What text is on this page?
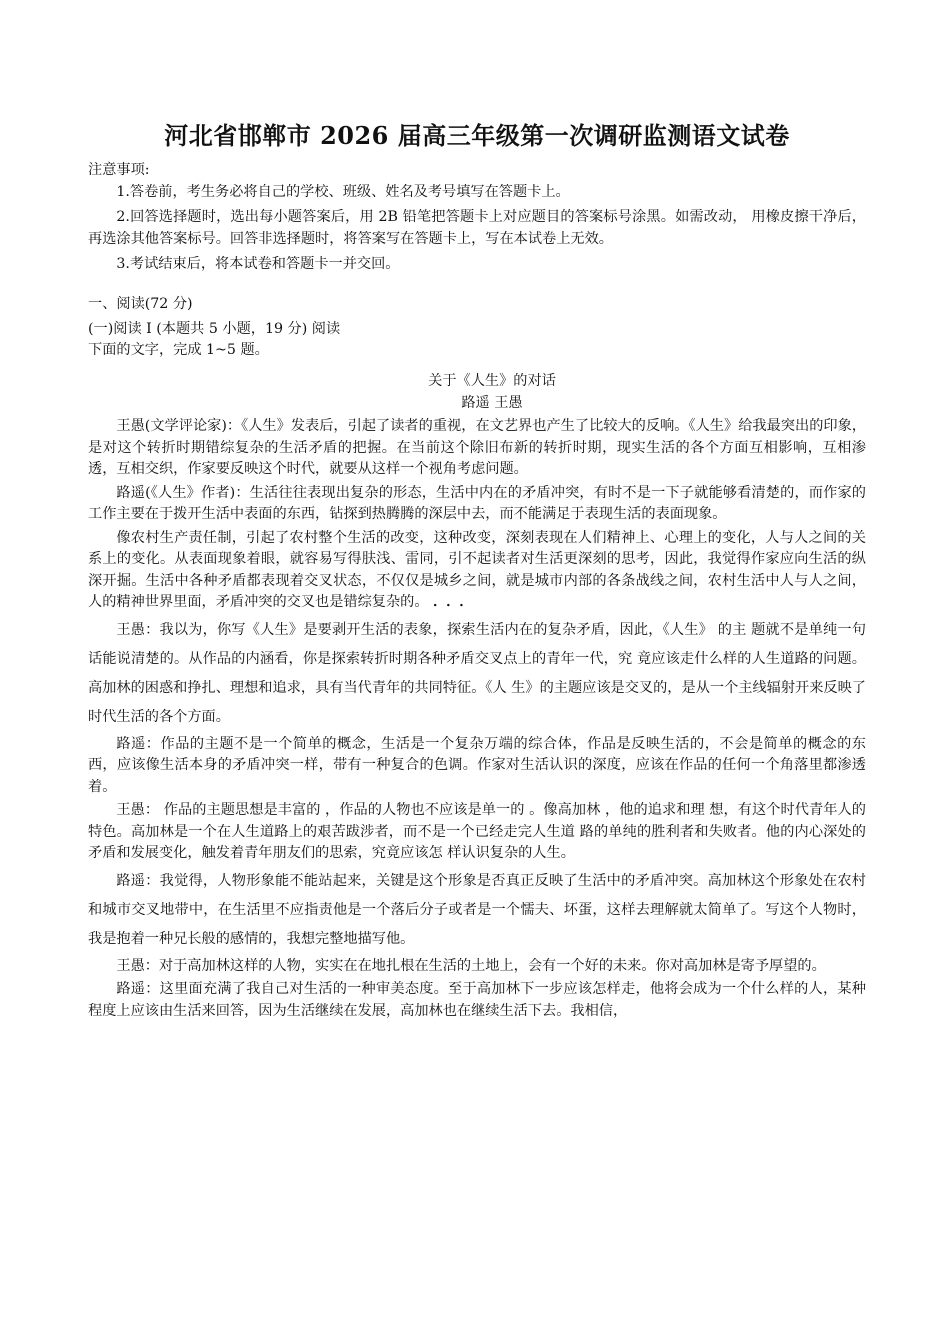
河北省邯郸市 2026 届高三年级第一次调研监测语文试卷

注意事项:

1.答卷前，考生务必将自己的学校、班级、姓名及考号填写在答题卡上。

2.回答选择题时，选出每小题答案后，用 2B 铅笔把答题卡上对应题目的答案标号涂黑。如需改动， 用橡皮擦干净后，再选涂其他答案标号。回答非选择题时，将答案写在答题卡上，写在本试卷上无效。

3.考试结束后，将本试卷和答题卡一并交回。

一、阅读(72 分)

(一)阅读 Ⅰ (本题共 5 小题，19 分) 阅读下面的文字，完成 1~5 题。

关于《人生》的对话

路遥 王愚

王愚(文学评论家)：《人生》发表后，引起了读者的重视，在文艺界也产生了比较大的反响。《人生》给我最突出的印象，是对这个转折时期错综复杂的生活矛盾的把握。在当前这个除旧布新的转折时期，现实生活的各个方面互相影响，互相渗透，互相交织，作家要反映这个时代，就要从这样一个视角考虑问题。

路遥(《人生》作者)：生活往往表现出复杂的形态，生活中内在的矛盾冲突，有时不是一下子就能够看清楚的，而作家的工作主要在于拨开生活中表面的东西，钻探到热腾腾的深层中去，而不能满足于表现生活的表面现象。

像农村生产责任制，引起了农村整个生活的改变，这种改变，深刻表现在人们精神上、心理上的变化，人与人之间的关系上的变化。从表面现象着眼，就容易写得肤浅、雷同，引不起读者对生活更深刻的思考，因此，我觉得作家应向生活的纵深开掘。生活中各种矛盾都表现着交叉状态，不仅仅是城乡之间，就是城市内部的各条战线之间，农村生活中人与人之间，人的精神世界里面，矛盾冲突的交叉也是错综复杂的。 ．．．

王愚：我以为，你写《人生》是要剥开生活的表象，探索生活内在的复杂矛盾，因此，《人生》 的主 题就不是单纯一句话能说清楚的。从作品的内涵看，你是探索转折时期各种矛盾交叉点上的青年一代，究 竟应该走什么样的人生道路的问题。高加林的困惑和挣扎、理想和追求，具有当代青年的共同特征。《人 生》的主题应该是交叉的，是从一个主线辐射开来反映了时代生活的各个方面。

路遥：作品的主题不是一个简单的概念，生活是一个复杂万端的综合体，作品是反映生活的，不会是简单的概念的东西，应该像生活本身的矛盾冲突一样，带有一种复合的色调。作家对生活认识的深度，应该在作品的任何一个角落里都渗透着。

王愚： 作品的主题思想是丰富的 ，作品的人物也不应该是单一的 。像高加林 ，他的追求和理 想，有这个时代青年人的特色。高加林是一个在人生道路上的艰苦跋涉者，而不是一个已经走完人生道 路的单纯的胜利者和失败者。他的内心深处的矛盾和发展变化，触发着青年朋友们的思索，究竟应该怎 样认识复杂的人生。

路遥：我觉得，人物形象能不能站起来，关键是这个形象是否真正反映了生活中的矛盾冲突。高加林这个形象处在农村和城市交叉地带中，在生活里不应指责他是一个落后分子或者是一个懦夫、坏蛋，这样去理解就太简单了。写这个人物时，我是抱着一种兄长般的感情的，我想完整地描写他。

王愚：对于高加林这样的人物，实实在在地扎根在生活的土地上，会有一个好的未来。你对高加林是寄予厚望的。

路遥：这里面充满了我自己对生活的一种审美态度。至于高加林下一步应该怎样走，他将会成为一个什么样的人，某种程度上应该由生活来回答，因为生活继续在发展，高加林也在继续生活下去。我相信，
